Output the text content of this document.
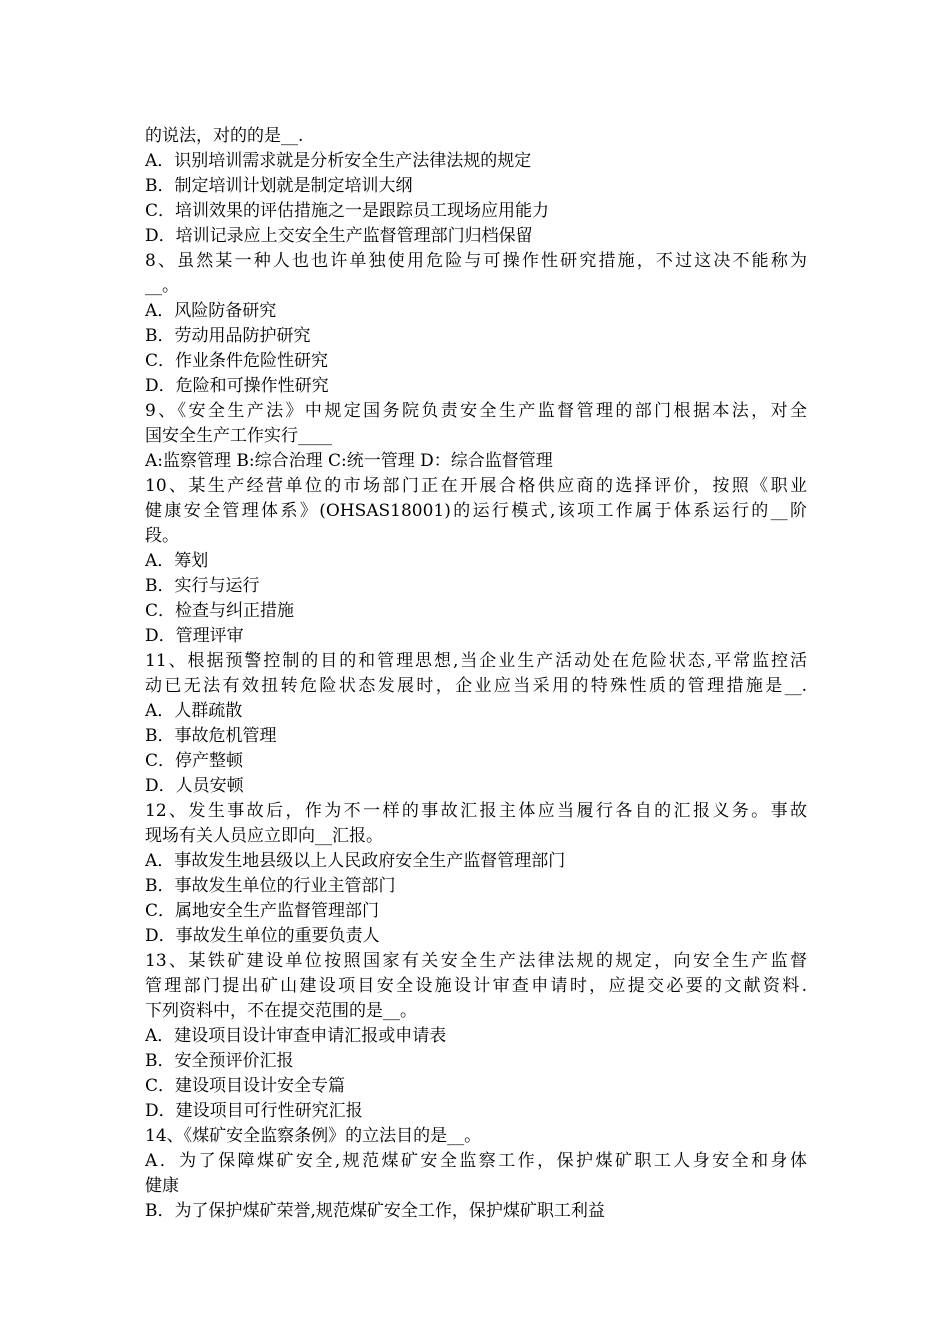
的说法，对的的是__.
A．识别培训需求就是分析安全生产法律法规的规定
B．制定培训计划就是制定培训大纲
C．培训效果的评估措施之一是跟踪员工现场应用能力
D．培训记录应上交安全生产监督管理部门归档保留
8、虽然某一种人也也许单独使用危险与可操作性研究措施，不过这决不能称为
__。
A．风险防备研究
B．劳动用品防护研究
C．作业条件危险性研究
D．危险和可操作性研究
9、《安全生产法》中规定国务院负责安全生产监督管理的部门根据本法，对全
国安全生产工作实行____
A:监察管理 B:综合治理 C:统一管理 D：综合监督管理
10、某生产经营单位的市场部门正在开展合格供应商的选择评价，按照《职业
健康安全管理体系》(OHSAS18001)的运行模式,该项工作属于体系运行的__阶
段。
A．筹划
B．实行与运行
C．检查与纠正措施
D．管理评审
11、根据预警控制的目的和管理思想,当企业生产活动处在危险状态,平常监控活
动已无法有效扭转危险状态发展时，企业应当采用的特殊性质的管理措施是__.
A．人群疏散
B．事故危机管理
C．停产整顿
D．人员安顿
12、发生事故后，作为不一样的事故汇报主体应当履行各自的汇报义务。事故
现场有关人员应立即向__汇报。
A．事故发生地县级以上人民政府安全生产监督管理部门
B．事故发生单位的行业主管部门
C．属地安全生产监督管理部门
D．事故发生单位的重要负责人
13、某铁矿建设单位按照国家有关安全生产法律法规的规定，向安全生产监督
管理部门提出矿山建设项目安全设施设计审查申请时，应提交必要的文献资料.
下列资料中，不在提交范围的是__。
A．建设项目设计审查申请汇报或申请表
B．安全预评价汇报
C．建设项目设计安全专篇
D．建设项目可行性研究汇报
14、《煤矿安全监察条例》的立法目的是__。
A．为了保障煤矿安全,规范煤矿安全监察工作，保护煤矿职工人身安全和身体
健康
B．为了保护煤矿荣誉,规范煤矿安全工作，保护煤矿职工利益
